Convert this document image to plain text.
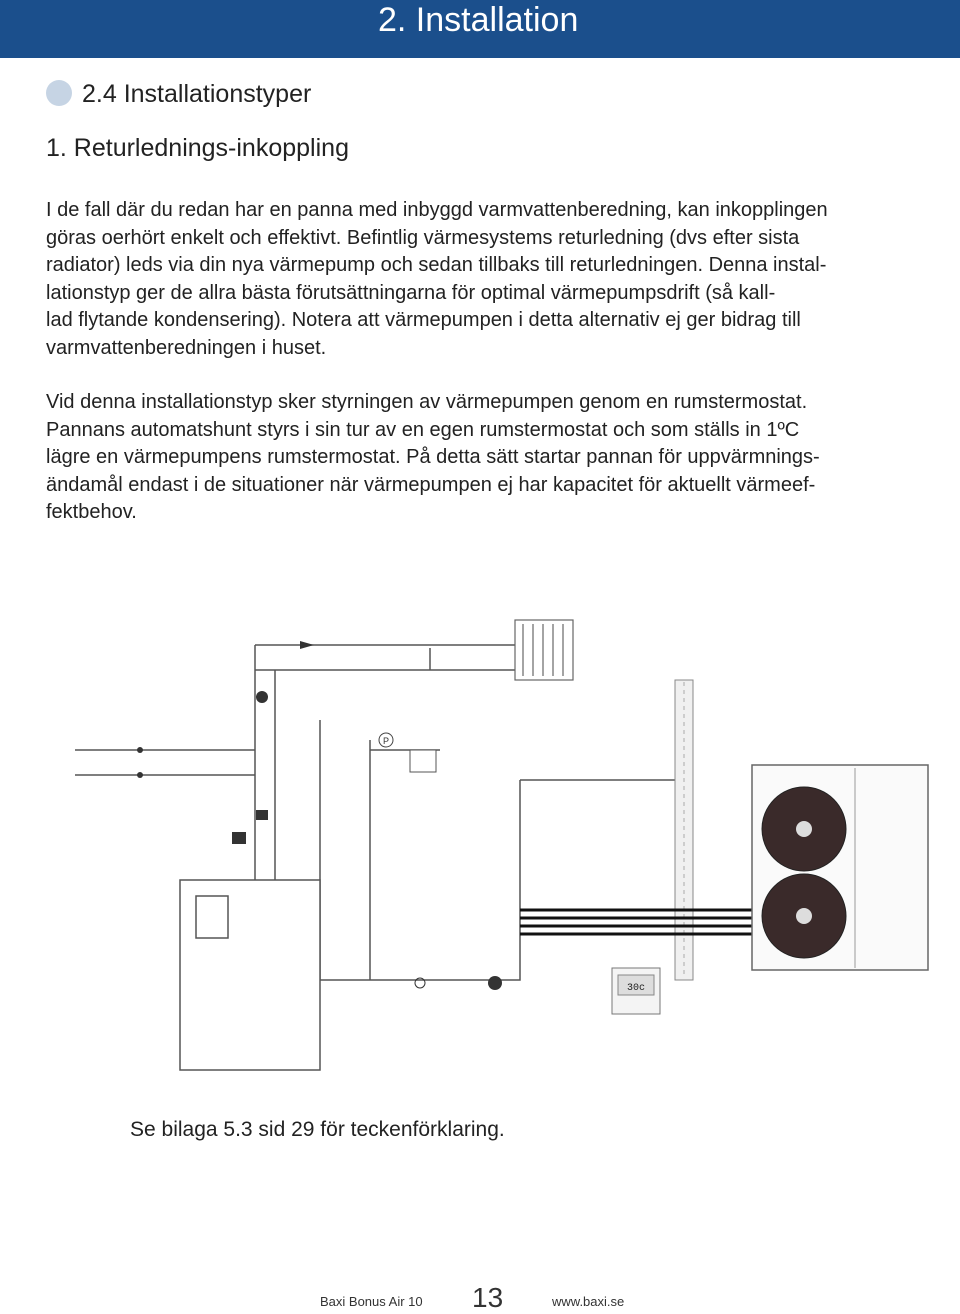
2. Installation
2.4 Installationstyper
1. Returlednings-inkoppling

I de fall där du redan har en panna med inbyggd varmvattenberedning, kan inkopplingen
göras oerhört enkelt och effektivt. Befintlig värmesystems returledning (dvs efter sista
radiator) leds via din nya värmepump och sedan tillbaks till returledningen. Denna instal-
lationstyp ger de allra bästa förutsättningarna för optimal värmepumpsdrift (så kall-
lad flytande kondensering). Notera att värmepumpen i detta alternativ ej ger bidrag till
varmvattenberedningen i huset.

Vid denna installationstyp sker styrningen av värmepumpen genom en rumstermostat.
Pannans automatshunt styrs i sin tur av en egen rumstermostat och som ställs in 1ºC
lägre en värmepumpens rumstermostat. På detta sätt startar pannan för uppvärmnings-
ändamål endast i de situationer när värmepumpen ej har kapacitet för aktuellt värmeef-
fektbehov.

P
30c
Se bilaga 5.3 sid 29 för teckenförklaring.
Baxi Bonus Air 10 13	www.baxi.se
